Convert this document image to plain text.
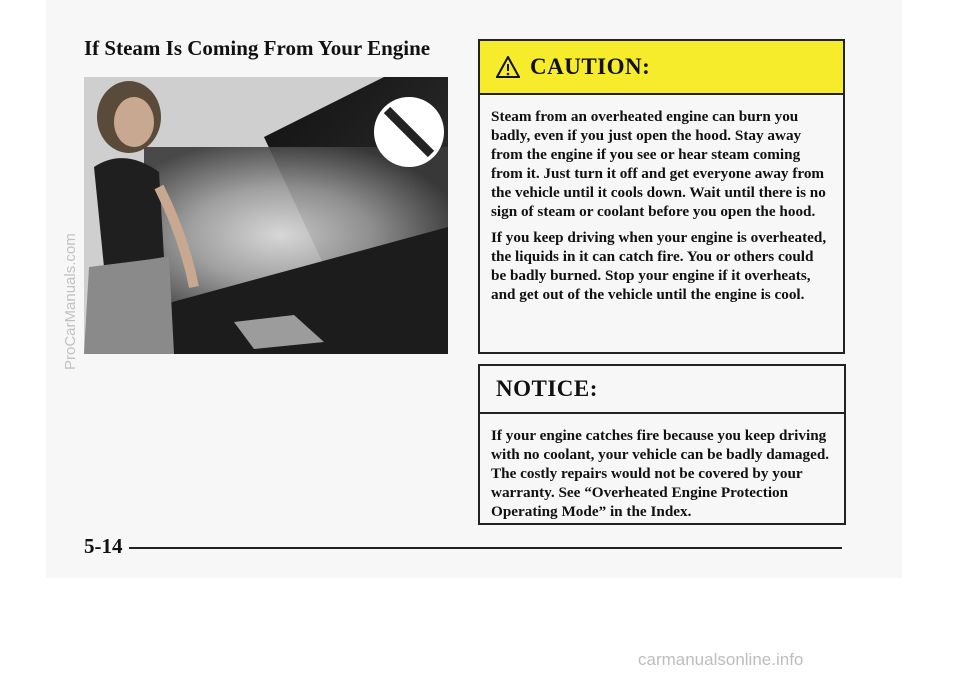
If Steam Is Coming From Your Engine
ProCarManuals.com
CAUTION:

Steam from an overheated engine can burn you badly, even if you just open the hood. Stay away from the engine if you see or hear steam coming from it. Just turn it off and get everyone away from the vehicle until it cools down. Wait until there is no sign of steam or coolant before you open the hood.

If you keep driving when your engine is overheated, the liquids in it can catch fire. You or others could be badly burned. Stop your engine if it overheats, and get out of the vehicle until the engine is cool.

NOTICE:

If your engine catches fire because you keep driving with no coolant, your vehicle can be badly damaged. The costly repairs would not be covered by your warranty. See “Overheated Engine Protection Operating Mode” in the Index.

5-14
carmanualsonline.info
